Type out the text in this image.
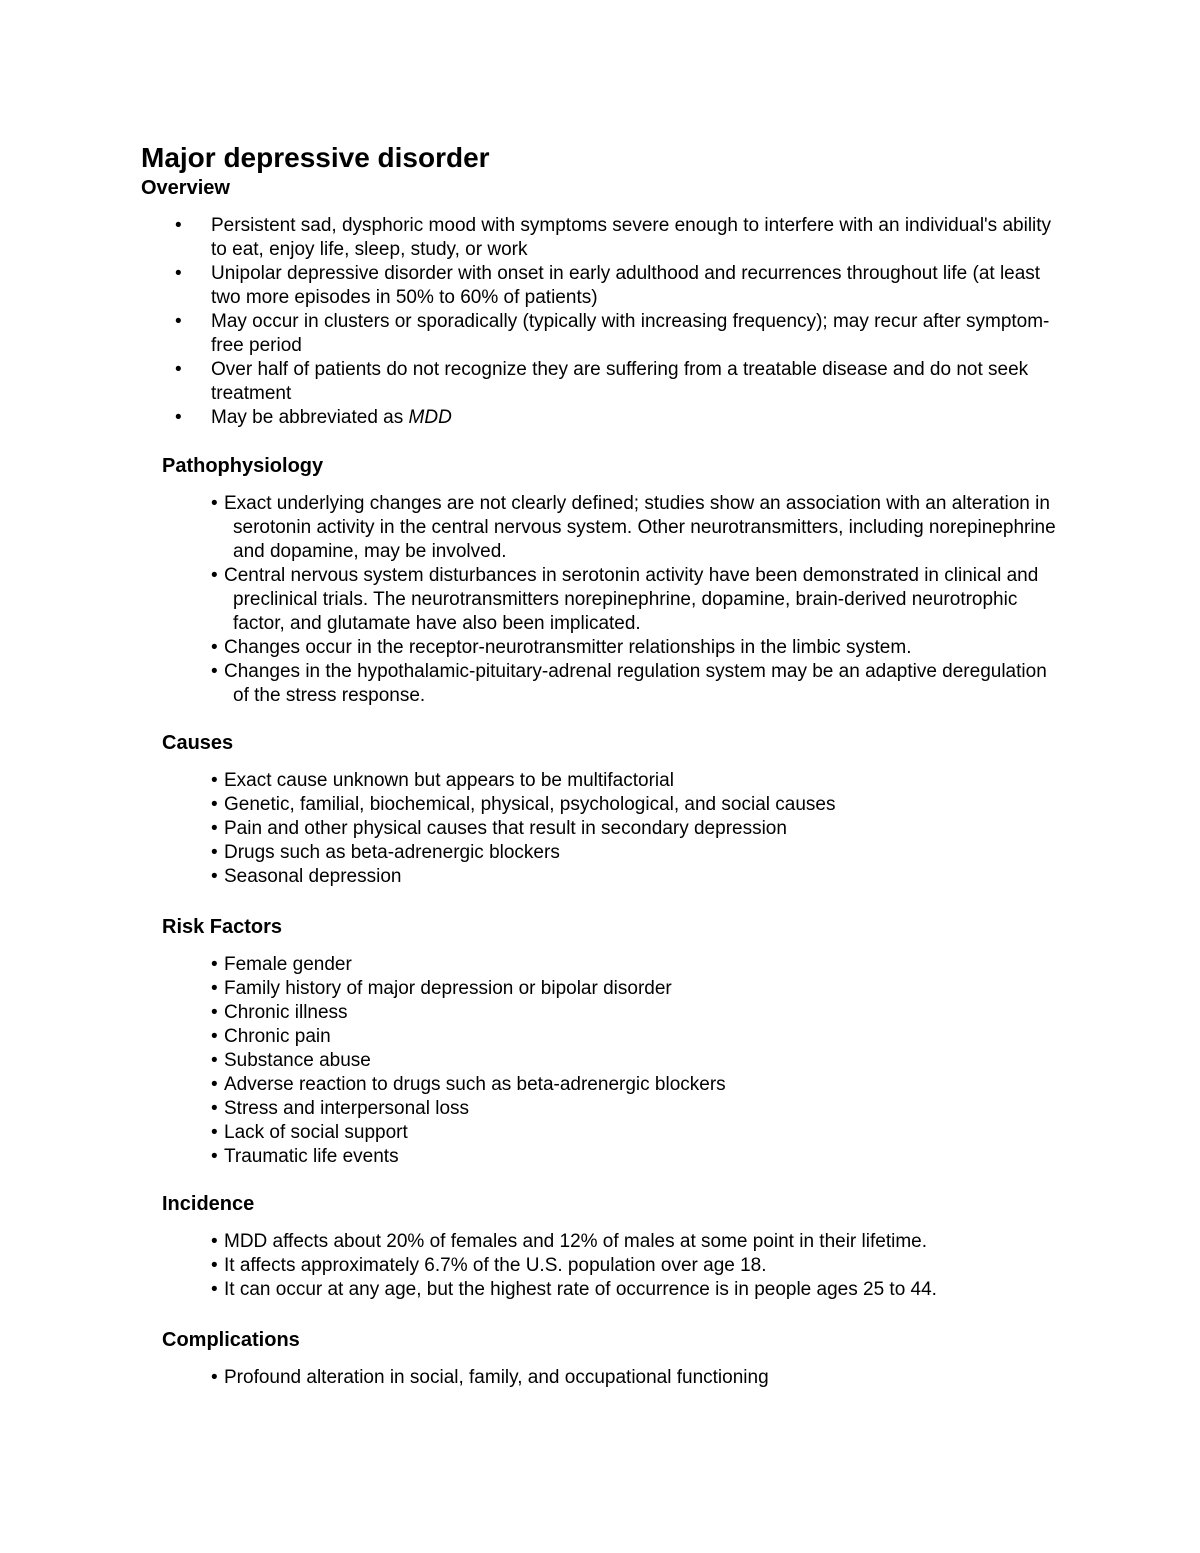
Major depressive disorder
Overview
• Persistent sad, dysphoric mood with symptoms severe enough to interfere with an individual's ability to eat, enjoy life, sleep, study, or work
• Unipolar depressive disorder with onset in early adulthood and recurrences throughout life (at least two more episodes in 50% to 60% of patients)
• May occur in clusters or sporadically (typically with increasing frequency); may recur after symptom-free period
• Over half of patients do not recognize they are suffering from a treatable disease and do not seek treatment
• May be abbreviated as MDD
Pathophysiology
• Exact underlying changes are not clearly defined; studies show an association with an alteration in serotonin activity in the central nervous system. Other neurotransmitters, including norepinephrine and dopamine, may be involved.
• Central nervous system disturbances in serotonin activity have been demonstrated in clinical and preclinical trials. The neurotransmitters norepinephrine, dopamine, brain-derived neurotrophic factor, and glutamate have also been implicated.
• Changes occur in the receptor-neurotransmitter relationships in the limbic system.
• Changes in the hypothalamic-pituitary-adrenal regulation system may be an adaptive deregulation of the stress response.
Causes
• Exact cause unknown but appears to be multifactorial
• Genetic, familial, biochemical, physical, psychological, and social causes
• Pain and other physical causes that result in secondary depression
• Drugs such as beta-adrenergic blockers
• Seasonal depression
Risk Factors
• Female gender
• Family history of major depression or bipolar disorder
• Chronic illness
• Chronic pain
• Substance abuse
• Adverse reaction to drugs such as beta-adrenergic blockers
• Stress and interpersonal loss
• Lack of social support
• Traumatic life events
Incidence
• MDD affects about 20% of females and 12% of males at some point in their lifetime.
• It affects approximately 6.7% of the U.S. population over age 18.
• It can occur at any age, but the highest rate of occurrence is in people ages 25 to 44.
Complications
• Profound alteration in social, family, and occupational functioning
